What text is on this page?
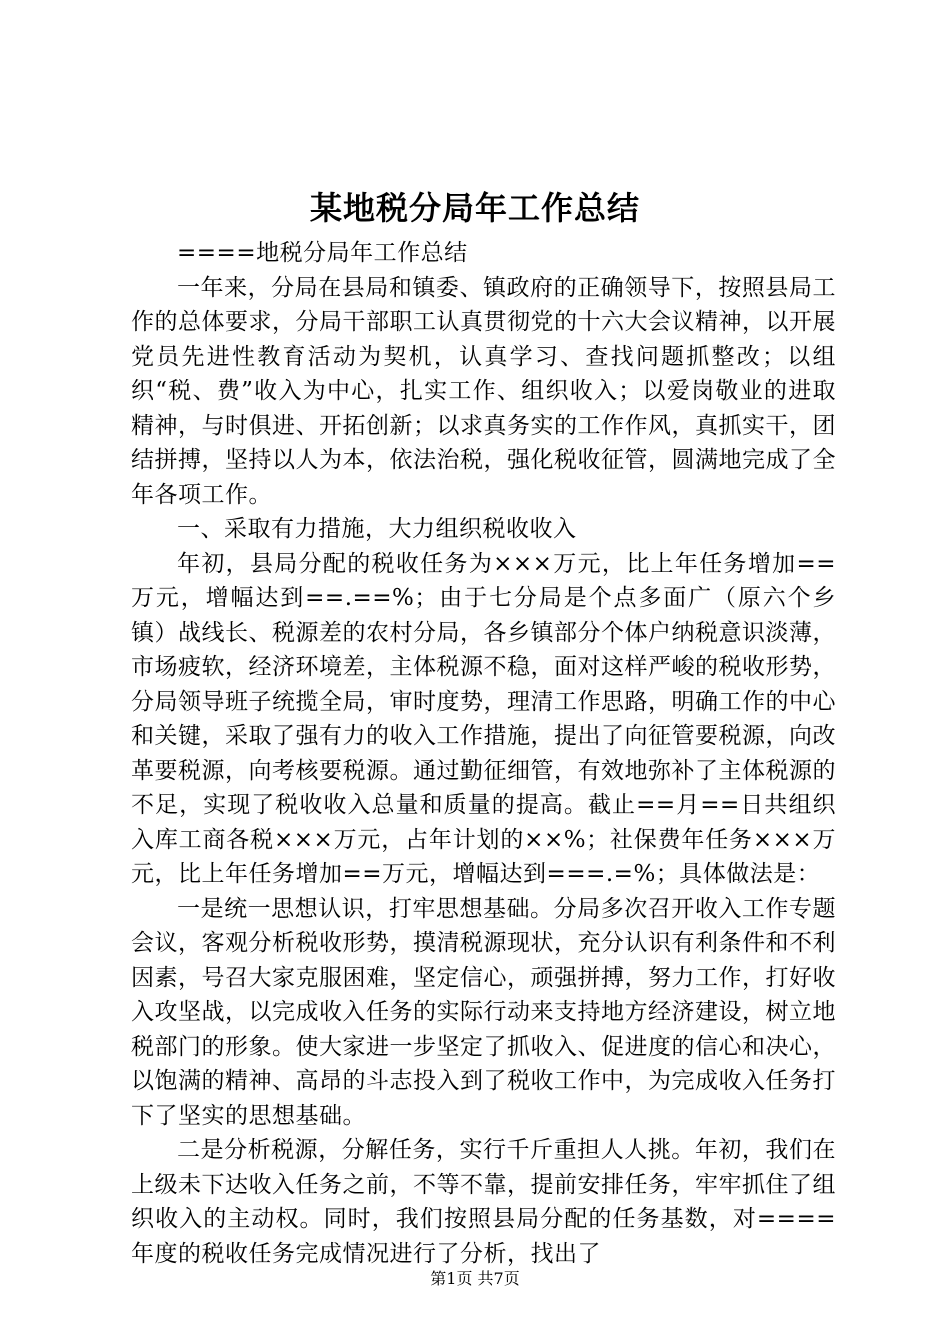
某地税分局年工作总结

====地税分局年工作总结

一年来，分局在县局和镇委、镇政府的正确领导下，按照县局工作的总体要求，分局干部职工认真贯彻党的十六大会议精神，以开展党员先进性教育活动为契机，认真学习、查找问题抓整改；以组织“税、费”收入为中心，扎实工作、组织收入；以爱岗敬业的进取精神，与时俱进、开拓创新；以求真务实的工作作风，真抓实干，团结拼搏，坚持以人为本，依法治税，强化税收征管，圆满地完成了全年各项工作。

一、采取有力措施，大力组织税收收入

年初，县局分配的税收任务为×××万元，比上年任务增加==万元，增幅达到==.==%；由于七分局是个点多面广（原六个乡镇）战线长、税源差的农村分局，各乡镇部分个体户纳税意识淡薄，市场疲软，经济环境差，主体税源不稳，面对这样严峻的税收形势，分局领导班子统揽全局，审时度势，理清工作思路，明确工作的中心和关键，采取了强有力的收入工作措施，提出了向征管要税源，向改革要税源，向考核要税源。通过勤征细管，有效地弥补了主体税源的不足，实现了税收收入总量和质量的提高。截止==月==日共组织入库工商各税×××万元，占年计划的××%；社保费年任务×××万元，比上年任务增加==万元，增幅达到===.=%；具体做法是：

一是统一思想认识，打牢思想基础。分局多次召开收入工作专题会议，客观分析税收形势，摸清税源现状，充分认识有利条件和不利因素，号召大家克服困难，坚定信心，顽强拼搏，努力工作，打好收入攻坚战，以完成收入任务的实际行动来支持地方经济建设，树立地税部门的形象。使大家进一步坚定了抓收入、促进度的信心和决心，以饱满的精神、高昂的斗志投入到了税收工作中，为完成收入任务打下了坚实的思想基础。

二是分析税源，分解任务，实行千斤重担人人挑。年初，我们在上级未下达收入任务之前，不等不靠，提前安排任务，牢牢抓住了组织收入的主动权。同时，我们按照县局分配的任务基数，对====年度的税收任务完成情况进行了分析，找出了

第1页 共7页
